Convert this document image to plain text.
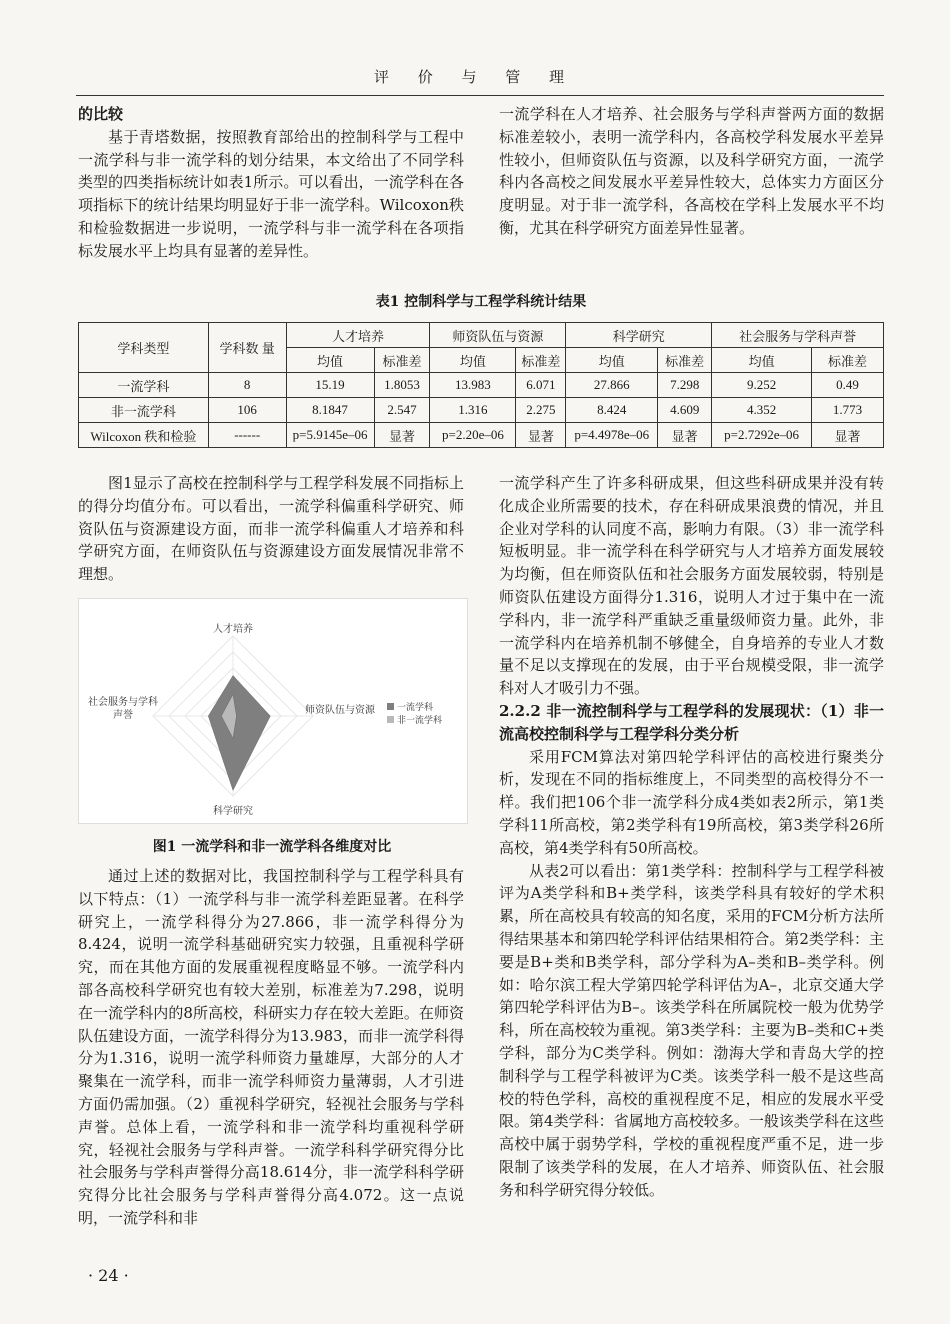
评 价 与 管 理

的比较

基于青塔数据，按照教育部给出的控制科学与工程中一流学科与非一流学科的划分结果，本文给出了不同学科类型的四类指标统计如表1所示。可以看出，一流学科在各项指标下的统计结果均明显好于非一流学科。Wilcoxon秩和检验数据进一步说明，一流学科与非一流学科在各项指标发展水平上均具有显著的差异性。

一流学科在人才培养、社会服务与学科声誉两方面的数据标准差较小，表明一流学科内，各高校学科发展水平差异性较小，但师资队伍与资源，以及科学研究方面，一流学科内各高校之间发展水平差异性较大，总体实力方面区分度明显。对于非一流学科，各高校在学科上发展水平不均衡，尤其在科学研究方面差异性显著。

表1 控制科学与工程学科统计结果
学科类型	学科数 量	人才培养		师资队伍与资源		科学研究		社会服务与学科声誉	
		均值	标准差	均值	标准差	均值	标准差	均值	标准差
一流学科	8	15.19	1.8053	13.983	6.071	27.866	7.298	9.252	0.49
非一流学科	106	8.1847	2.547	1.316	2.275	8.424	4.609	4.352	1.773
Wilcoxon 秩和检验	------	p=5.9145e–06	显著	p=2.20e–06	显著	p=4.4978e–06	显著	p=2.7292e–06	显著

图1显示了高校在控制科学与工程学科发展不同指标上的得分均值分布。可以看出，一流学科偏重科学研究、师资队伍与资源建设方面，而非一流学科偏重人才培养和科学研究方面，在师资队伍与资源建设方面发展情况非常不理想。

人才培养
师资队伍与资源
科学研究
社会服务与学科
声誉
一流学科
非一流学科
图1 一流学科和非一流学科各维度对比

通过上述的数据对比，我国控制科学与工程学科具有以下特点：（1）一流学科与非一流学科差距显著。在科学研究上，一流学科得分为27.866，非一流学科得分为8.424，说明一流学科基础研究实力较强，且重视科学研究，而在其他方面的发展重视程度略显不够。一流学科内部各高校科学研究也有较大差别，标准差为7.298，说明在一流学科内的8所高校，科研实力存在较大差距。在师资队伍建设方面，一流学科得分为13.983，而非一流学科得分为1.316，说明一流学科师资力量雄厚，大部分的人才聚集在一流学科，而非一流学科师资力量薄弱，人才引进方面仍需加强。（2）重视科学研究，轻视社会服务与学科声誉。总体上看，一流学科和非一流学科均重视科学研究，轻视社会服务与学科声誉。一流学科科学研究得分比社会服务与学科声誉得分高18.614分，非一流学科科学研究得分比社会服务与学科声誉得分高4.072。这一点说明，一流学科和非

一流学科产生了许多科研成果，但这些科研成果并没有转化成企业所需要的技术，存在科研成果浪费的情况，并且企业对学科的认同度不高，影响力有限。（3）非一流学科短板明显。非一流学科在科学研究与人才培养方面发展较为均衡，但在师资队伍和社会服务方面发展较弱，特别是师资队伍建设方面得分1.316，说明人才过于集中在一流学科内，非一流学科严重缺乏重量级师资力量。此外，非一流学科内在培养机制不够健全，自身培养的专业人才数量不足以支撑现在的发展，由于平台规模受限，非一流学科对人才吸引力不强。

2.2.2 非一流控制科学与工程学科的发展现状：（1）非一流高校控制科学与工程学科分类分析

采用FCM算法对第四轮学科评估的高校进行聚类分析，发现在不同的指标维度上，不同类型的高校得分不一样。我们把106个非一流学科分成4类如表2所示，第1类学科11所高校，第2类学科有19所高校，第3类学科26所高校，第4类学科有50所高校。

从表2可以看出：第1类学科：控制科学与工程学科被评为A类学科和B+类学科，该类学科具有较好的学术积累，所在高校具有较高的知名度，采用的FCM分析方法所得结果基本和第四轮学科评估结果相符合。第2类学科：主要是B+类和B类学科，部分学科为A–类和B–类学科。例如：哈尔滨工程大学第四轮学科评估为A–，北京交通大学第四轮学科评估为B–。该类学科在所属院校一般为优势学科，所在高校较为重视。第3类学科：主要为B–类和C+类学科，部分为C类学科。例如：渤海大学和青岛大学的控制科学与工程学科被评为C类。该类学科一般不是这些高校的特色学科，高校的重视程度不足，相应的发展水平受限。第4类学科：省属地方高校较多。一般该类学科在这些高校中属于弱势学科，学校的重视程度严重不足，进一步限制了该类学科的发展，在人才培养、师资队伍、社会服务和科学研究得分较低。

· 24 ·
